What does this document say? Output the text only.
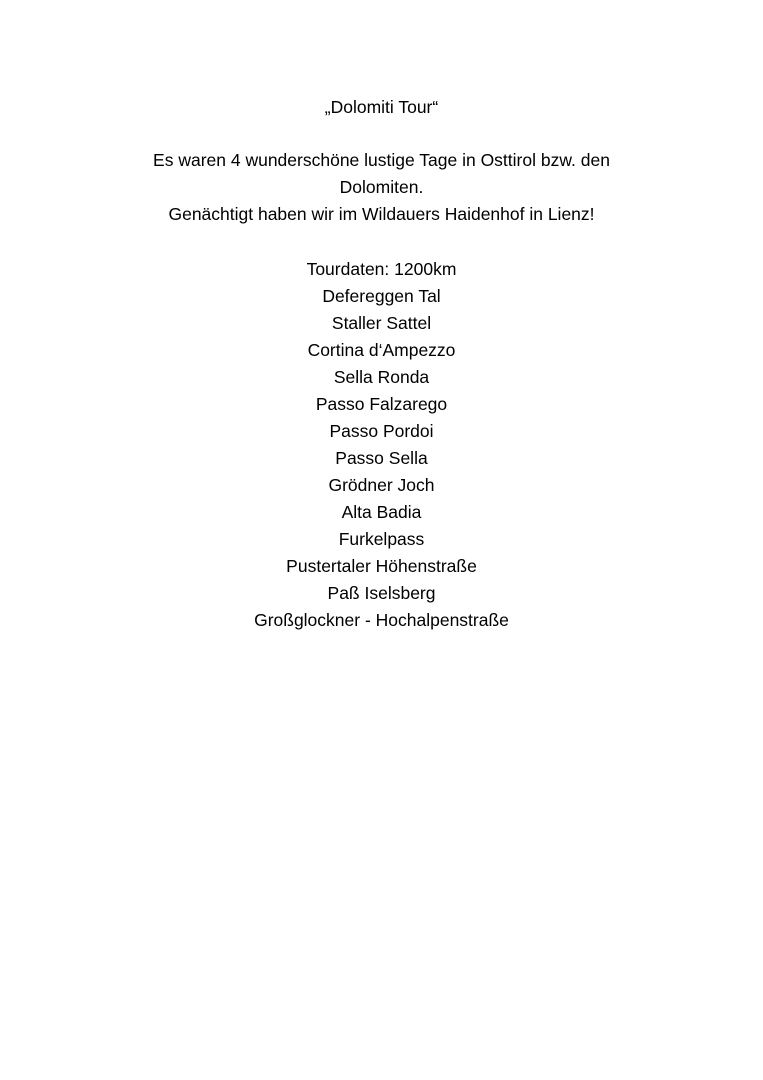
„Dolomiti Tour“
Es waren 4 wunderschöne lustige Tage in Osttirol bzw. den
Dolomiten.
Genächtigt haben wir im Wildauers Haidenhof in Lienz!
Tourdaten: 1200km
Defereggen Tal
Staller Sattel
Cortina d‘Ampezzo
Sella Ronda
Passo Falzarego
Passo Pordoi
Passo Sella
Grödner Joch
Alta Badia
Furkelpass
Pustertaler Höhenstraße
Paß Iselsberg
Großglockner - Hochalpenstraße
